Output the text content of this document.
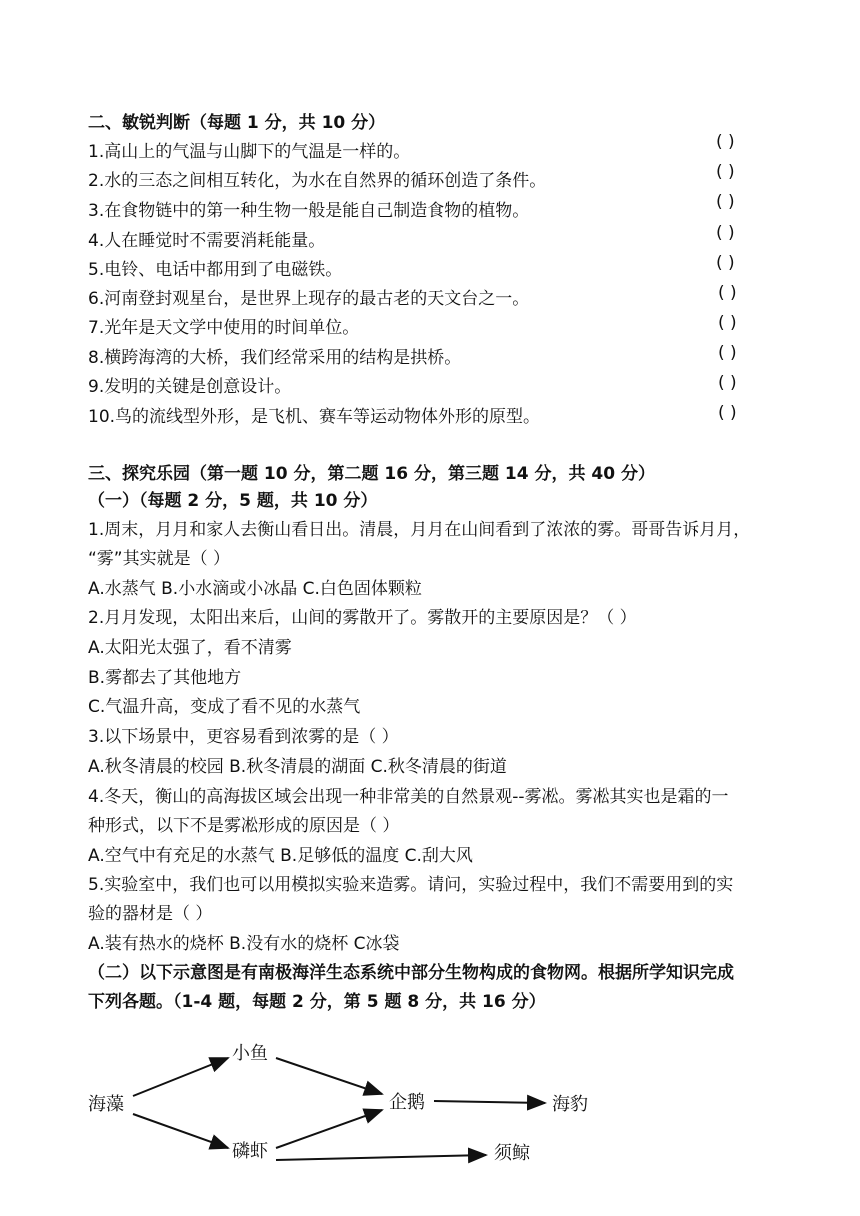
二、敏锐判断（每题 1 分，共 10 分）
1.高山上的气温与山脚下的气温是一样的。	( )
2.水的三态之间相互转化，为水在自然界的循环创造了条件。	( )
3.在食物链中的第一种生物一般是能自己制造食物的植物。	( )
4.人在睡觉时不需要消耗能量。	( )
5.电铃、电话中都用到了电磁铁。	( )
6.河南登封观星台，是世界上现存的最古老的天文台之一。	( )
7.光年是天文学中使用的时间单位。	( )
8.横跨海湾的大桥，我们经常采用的结构是拱桥。	( )
9.发明的关键是创意设计。	( )
10.鸟的流线型外形，是飞机、赛车等运动物体外形的原型。	( )
三、探究乐园（第一题 10 分，第二题 16 分，第三题 14 分，共 40 分）
（一）（每题 2 分，5 题，共 10 分）
1.周末，月月和家人去衡山看日出。清晨，月月在山间看到了浓浓的雾。哥哥告诉月月，
“雾”其实就是（ ）
A.水蒸气 B.小水滴或小冰晶 C.白色固体颗粒
2.月月发现，太阳出来后，山间的雾散开了。雾散开的主要原因是？（ ）
A.太阳光太强了，看不清雾
B.雾都去了其他地方
C.气温升高，变成了看不见的水蒸气
3.以下场景中，更容易看到浓雾的是（ ）
A.秋冬清晨的校园 B.秋冬清晨的湖面 C.秋冬清晨的街道
4.冬天，衡山的高海拔区域会出现一种非常美的自然景观--雾凇。雾凇其实也是霜的一
种形式，以下不是雾凇形成的原因是（ ）
A.空气中有充足的水蒸气 B.足够低的温度 C.刮大风
5.实验室中，我们也可以用模拟实验来造雾。请问，实验过程中，我们不需要用到的实
验的器材是（ ）
A.装有热水的烧杯 B.没有水的烧杯 C冰袋
（二）以下示意图是有南极海洋生态系统中部分生物构成的食物网。根据所学知识完成
下列各题。（1-4 题，每题 2 分，第 5 题 8 分，共 16 分）
海藻
小鱼
磷虾
企鹅	海豹
须鲸
